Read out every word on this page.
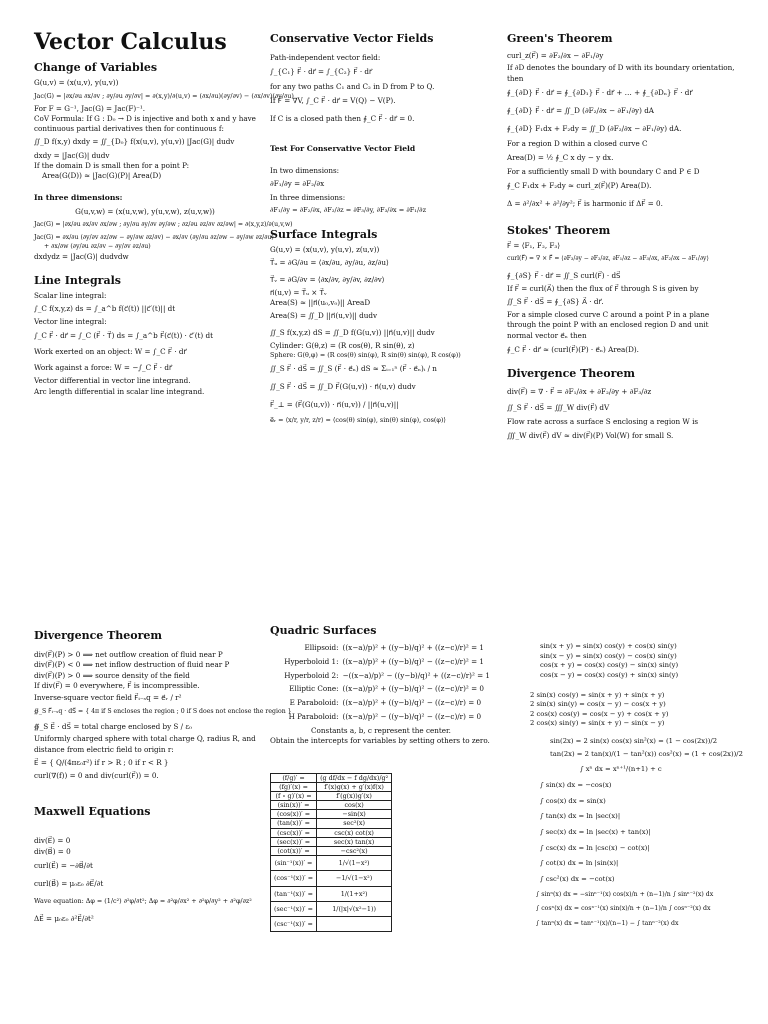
Vector Calculus
Change of Variables
G(u,v) = (x(u,v), y(u,v))
Jac(G) = |∂x/∂u ∂x/∂v ; ∂y/∂u ∂y/∂v| = ∂(x,y)/∂(u,v) = (∂x/∂u)(∂y/∂v) − (∂x/∂v)(∂y/∂u)
For F = G⁻¹, Jac(G) = Jac(F)⁻¹.
CoV Formula: If G : D₀ → D is injective and both x and y have continuous partial derivatives then for continuous f:
∬_D f(x,y) dxdy = ∬_{D₀} f(x(u,v), y(u,v)) |Jac(G)| dudv
dxdy = |Jac(G)| dudv
If the domain D is small then for a point P:
Area(G(D)) ≈ |Jac(G)(P)| Area(D)
In three dimensions:
G(u,v,w) = (x(u,v,w), y(u,v,w), z(u,v,w))
Jac(G) = |∂x/∂u ∂x/∂v ∂x/∂w ; ∂y/∂u ∂y/∂v ∂y/∂w ; ∂z/∂u ∂z/∂v ∂z/∂w| = ∂(x,y,z)/∂(u,v,w)
Jac(G) = ∂x/∂u (∂y/∂v ∂z/∂w − ∂y/∂w ∂z/∂v) − ∂x/∂v (∂y/∂u ∂z/∂w − ∂y/∂w ∂z/∂u)
+ ∂x/∂w (∂y/∂u ∂z/∂v − ∂y/∂v ∂z/∂u)
dxdydz = |Jac(G)| dudvdw
Line Integrals
Scalar line integral:
∫_C f(x,y,z) ds = ∫_a^b f(c⃗(t)) ||c⃗′(t)|| dt
Vector line integral:
∫_C F⃗ · dr⃗ = ∫_C (F⃗ · T⃗) ds = ∫_a^b F⃗(c⃗(t)) · c⃗′(t) dt
Work exerted on an object: W = ∫_C F⃗ · dr⃗
Work against a force: W = −∫_C F⃗ · dr⃗
Vector differential in vector line integrand.
Arc length differential in scalar line integrand.
Divergence Theorem
div(F⃗)(P) > 0 ⟹ net outflow creation of fluid near P
div(F⃗)(P) < 0 ⟹ net inflow destruction of fluid near P
div(F⃗)(P) > 0 ⟹ source density of the field
If div(F⃗) = 0 everywhere, F⃗ is incompressible.
Inverse-square vector field F⃗ᵢ₋ₛq = e⃗ᵣ / r²
∯_S F⃗ᵢ₋ₛq · dS⃗ = { 4π if S encloses the region ; 0 if S does not enclose the region }
∯_S E⃗ · dS⃗ = total charge enclosed by S / ε₀
Uniformly charged sphere with total charge Q, radius R, and distance from electric field to origin r:
E⃗ = { Q/(4πε₀r²) if r > R ; 0 if r < R }
curl(∇(f)) = 0 and div(curl(F⃗)) = 0.
Maxwell Equations
div(E⃗) = 0
div(B⃗) = 0
curl(E⃗) = −∂B⃗/∂t
curl(B⃗) = μ₀ε₀ ∂E⃗/∂t
Wave equation: Δφ = (1/c²) ∂²φ/∂t²; Δφ = ∂²φ/∂x² + ∂²φ/∂y² + ∂²φ/∂z²
ΔE⃗ = μ₀ε₀ ∂²E⃗/∂t²
Conservative Vector Fields
Path-independent vector field:
∫_{C₁} F⃗ · dr⃗ = ∫_{C₂} F⃗ · dr⃗
for any two paths C₁ and C₂ in D from P to Q.
If F⃗ = ∇V, ∫_C F⃗ · dr⃗ = V(Q) − V(P).
If C is a closed path then ∮_C F⃗ · dr⃗ = 0.
Test For Conservative Vector Field
In two dimensions:
∂F₁/∂y = ∂F₂/∂x
In three dimensions:
∂F₁/∂y = ∂F₂/∂x, ∂F₂/∂z = ∂F₃/∂y, ∂F₃/∂x = ∂F₁/∂z
Surface Integrals
G(u,v) = (x(u,v), y(u,v), z(u,v))
T⃗ᵤ = ∂G/∂u = ⟨∂x/∂u, ∂y/∂u, ∂z/∂u⟩
T⃗ᵥ = ∂G/∂v = ⟨∂x/∂v, ∂y/∂v, ∂z/∂v⟩
n⃗(u,v) = T⃗ᵤ × T⃗ᵥ
Area(S) ≈ ||n⃗(u₀,v₀)|| AreaD
Area(S) = ∬_D ||n⃗(u,v)|| dudv
∬_S f(x,y,z) dS = ∬_D f(G(u,v)) ||n⃗(u,v)|| dudv
Cylinder: G(θ,z) = (R cos(θ), R sin(θ), z)
Sphere: G(θ,φ) = (R cos(θ) sin(φ), R sin(θ) sin(φ), R cos(φ))
∬_S F⃗ · dS⃗ = ∬_S (F⃗ · e⃗ₙ) dS ≈ Σᵢ₌₁ⁿ (F⃗ · e⃗ₙ)ᵢ / n
∬_S F⃗ · dS⃗ = ∬_D F⃗(G(u,v)) · n⃗(u,v) dudv
F⃗_⊥ = (F⃗(G(u,v)) · n⃗(u,v)) / ||n⃗(u,v)||
e⃗ᵣ = ⟨x/r, y/r, z/r⟩ = ⟨cos(θ) sin(φ), sin(θ) sin(φ), cos(φ)⟩
Quadric Surfaces
Ellipsoid:	((x−a)/p)² + ((y−b)/q)² + ((z−c)/r)² = 1
Hyperboloid 1:	((x−a)/p)² + ((y−b)/q)² − ((z−c)/r)² = 1
Hyperboloid 2:	−((x−a)/p)² − ((y−b)/q)² + ((z−c)/r)² = 1
Elliptic Cone:	((x−a)/p)² + ((y−b)/q)² − ((z−c)/r)² = 0
E Paraboloid:	((x−a)/p)² + ((y−b)/q)² − ((z−c)/r) = 0
H Paraboloid:	((x−a)/p)² − ((y−b)/q)² − ((z−c)/r) = 0
Constants a, b, c represent the center.
Obtain the intercepts for variables by setting others to zero.
(f/g)′ =	(g df/dx − f dg/dx)/g²
(fg)′(x) =	f′(x)g(x) + g′(x)f(x)
(f ∘ g)′(x) =	f′(g(x))g′(x)
(sin(x))′ =	cos(x)
(cos(x))′ =	−sin(x)
(tan(x))′ =	sec²(x)
(csc(x))′ =	csc(x) cot(x)
(sec(x))′ =	sec(x) tan(x)
(cot(x))′ =	−csc²(x)
(sin⁻¹(x))′ =	1/√(1−x²)
(cos⁻¹(x))′ =	−1/√(1−x²)
(tan⁻¹(x))′ =	1/(1+x²)
(sec⁻¹(x))′ =	1/(|x|√(x²−1))
(csc⁻¹(x))′ =	
Green's Theorem
curl_z(F⃗) = ∂F₂/∂x − ∂F₁/∂y
If ∂D denotes the boundary of D with its boundary orientation, then
∮_{∂D} F⃗ · dr⃗ = ∮_{∂D₁} F⃗ · dr⃗ + … + ∮_{∂Dₙ} F⃗ · dr⃗
∮_{∂D} F⃗ · dr⃗ = ∬_D (∂F₂/∂x − ∂F₁/∂y) dA
∮_{∂D} F₁dx + F₂dy = ∬_D (∂F₂/∂x − ∂F₁/∂y) dA.
For a region D within a closed curve C
Area(D) = ½ ∮_C x dy − y dx.
For a sufficiently small D with boundary C and P ∈ D
∮_C F₁dx + F₂dy ≈ curl_z(F⃗)(P) Area(D).
Δ = ∂²/∂x² + ∂²/∂y²; F⃗ is harmonic if ΔF⃗ = 0.
Stokes' Theorem
F⃗ = ⟨F₁, F₂, F₃⟩
curl(F⃗) = ∇ × F⃗ = ⟨∂F₃/∂y − ∂F₂/∂z, ∂F₁/∂z − ∂F₃/∂x, ∂F₂/∂x − ∂F₁/∂y⟩
∮_{∂S} F⃗ · dr⃗ = ∬_S curl(F⃗) · dS⃗
If F⃗ = curl(A⃗) then the flux of F⃗ through S is given by
∬_S F⃗ · dS⃗ = ∮_{∂S} A⃗ · dr⃗.
For a simple closed curve C around a point P in a plane through the point P with an enclosed region D and unit normal vector e⃗ₙ then
∮_C F⃗ · dr⃗ ≈ (curl(F⃗)(P) · e⃗ₙ) Area(D).
Divergence Theorem
div(F⃗) = ∇ · F⃗ = ∂F₁/∂x + ∂F₂/∂y + ∂F₃/∂z
∬_S F⃗ · dS⃗ = ∭_W div(F⃗) dV
Flow rate across a surface S enclosing a region W is
∭_W div(F⃗) dV ≈ div(F⃗)(P) Vol(W) for small S.
sin(x + y) = sin(x) cos(y) + cos(x) sin(y)
sin(x − y) = sin(x) cos(y) − cos(x) sin(y)
cos(x + y) = cos(x) cos(y) − sin(x) sin(y)
cos(x − y) = cos(x) cos(y) + sin(x) sin(y)
2 sin(x) cos(y) = sin(x + y) + sin(x + y)
2 sin(x) sin(y) = cos(x − y) − cos(x + y)
2 cos(x) cos(y) = cos(x − y) + cos(x + y)
2 cos(x) sin(y) = sin(x + y) − sin(x − y)
sin(2x) = 2 sin(x) cos(x) sin²(x) = (1 − cos(2x))/2
tan(2x) = 2 tan(x)/(1 − tan²(x)) cos²(x) = (1 + cos(2x))/2
∫ xⁿ dx = xⁿ⁺¹/(n+1) + c
∫ sin(x) dx = −cos(x)
∫ cos(x) dx = sin(x)
∫ tan(x) dx = ln |sec(x)|
∫ sec(x) dx = ln |sec(x) + tan(x)|
∫ csc(x) dx = ln |csc(x) − cot(x)|
∫ cot(x) dx = ln |sin(x)|
∫ csc²(x) dx = −cot(x)
∫ sinⁿ(x) dx = −sinⁿ⁻¹(x) cos(x)/n + (n−1)/n ∫ sinⁿ⁻²(x) dx
∫ cosⁿ(x) dx = cosⁿ⁻¹(x) sin(x)/n + (n−1)/n ∫ cosⁿ⁻²(x) dx
∫ tanⁿ(x) dx = tanⁿ⁻¹(x)/(n−1) − ∫ tanⁿ⁻²(x) dx
